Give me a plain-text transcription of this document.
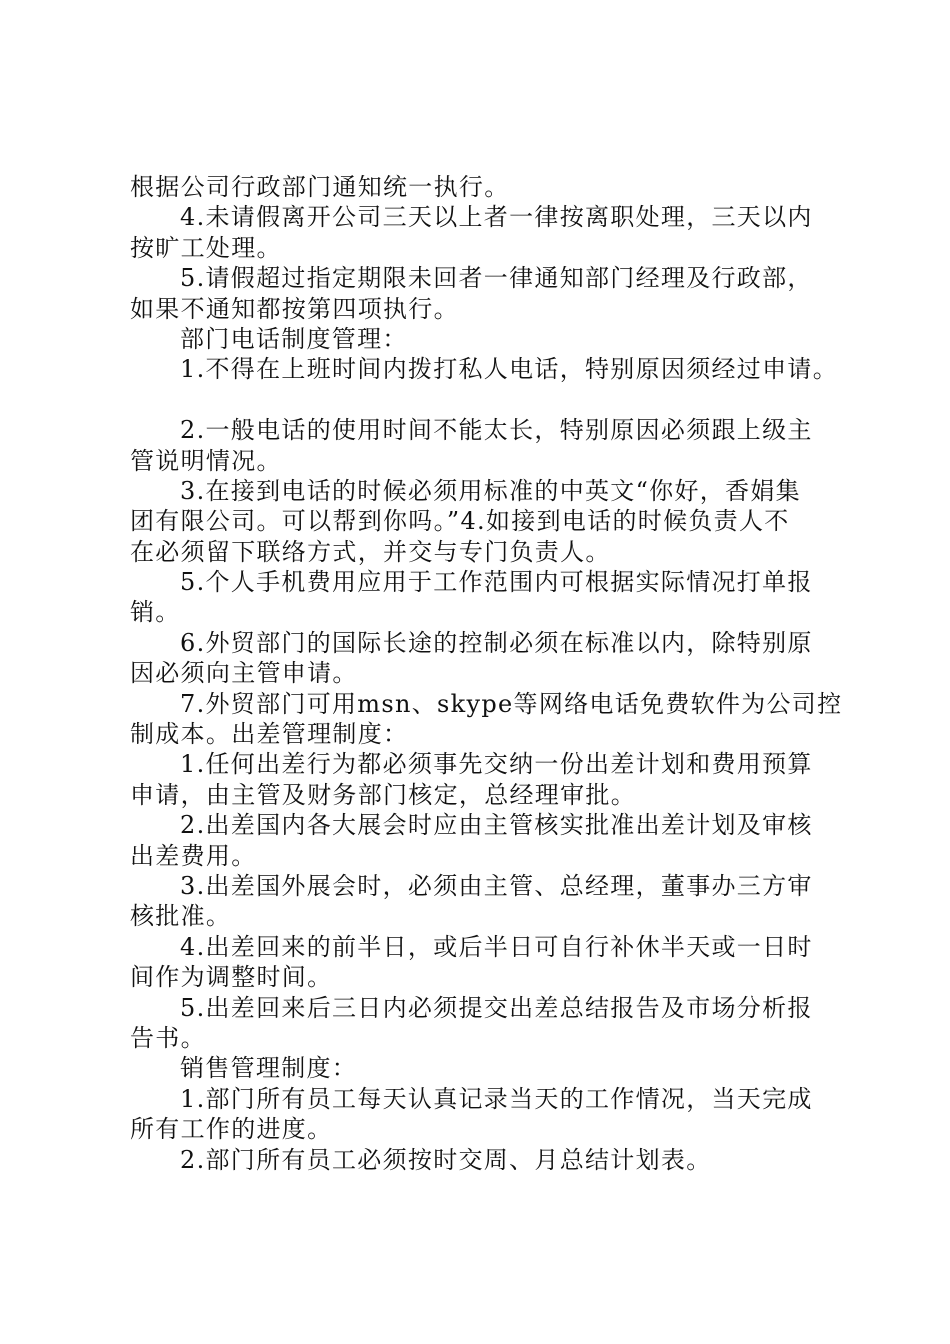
根据公司行政部门通知统一执行。
4.未请假离开公司三天以上者一律按离职处理，三天以内
按旷工处理。
5.请假超过指定期限未回者一律通知部门经理及行政部，
如果不通知都按第四项执行。
部门电话制度管理：
1.不得在上班时间内拨打私人电话，特别原因须经过申请。
2.一般电话的使用时间不能太长，特别原因必须跟上级主
管说明情况。
3.在接到电话的时候必须用标准的中英文“你好，香娟集
团有限公司。可以帮到你吗。”4.如接到电话的时候负责人不
在必须留下联络方式，并交与专门负责人。
5.个人手机费用应用于工作范围内可根据实际情况打单报
销。
6.外贸部门的国际长途的控制必须在标准以内，除特别原
因必须向主管申请。
7.外贸部门可用msn、skype等网络电话免费软件为公司控
制成本。出差管理制度：
1.任何出差行为都必须事先交纳一份出差计划和费用预算
申请，由主管及财务部门核定，总经理审批。
2.出差国内各大展会时应由主管核实批准出差计划及审核
出差费用。
3.出差国外展会时，必须由主管、总经理，董事办三方审
核批准。
4.出差回来的前半日，或后半日可自行补休半天或一日时
间作为调整时间。
5.出差回来后三日内必须提交出差总结报告及市场分析报
告书。
销售管理制度：
1.部门所有员工每天认真记录当天的工作情况，当天完成
所有工作的进度。
2.部门所有员工必须按时交周、月总结计划表。
